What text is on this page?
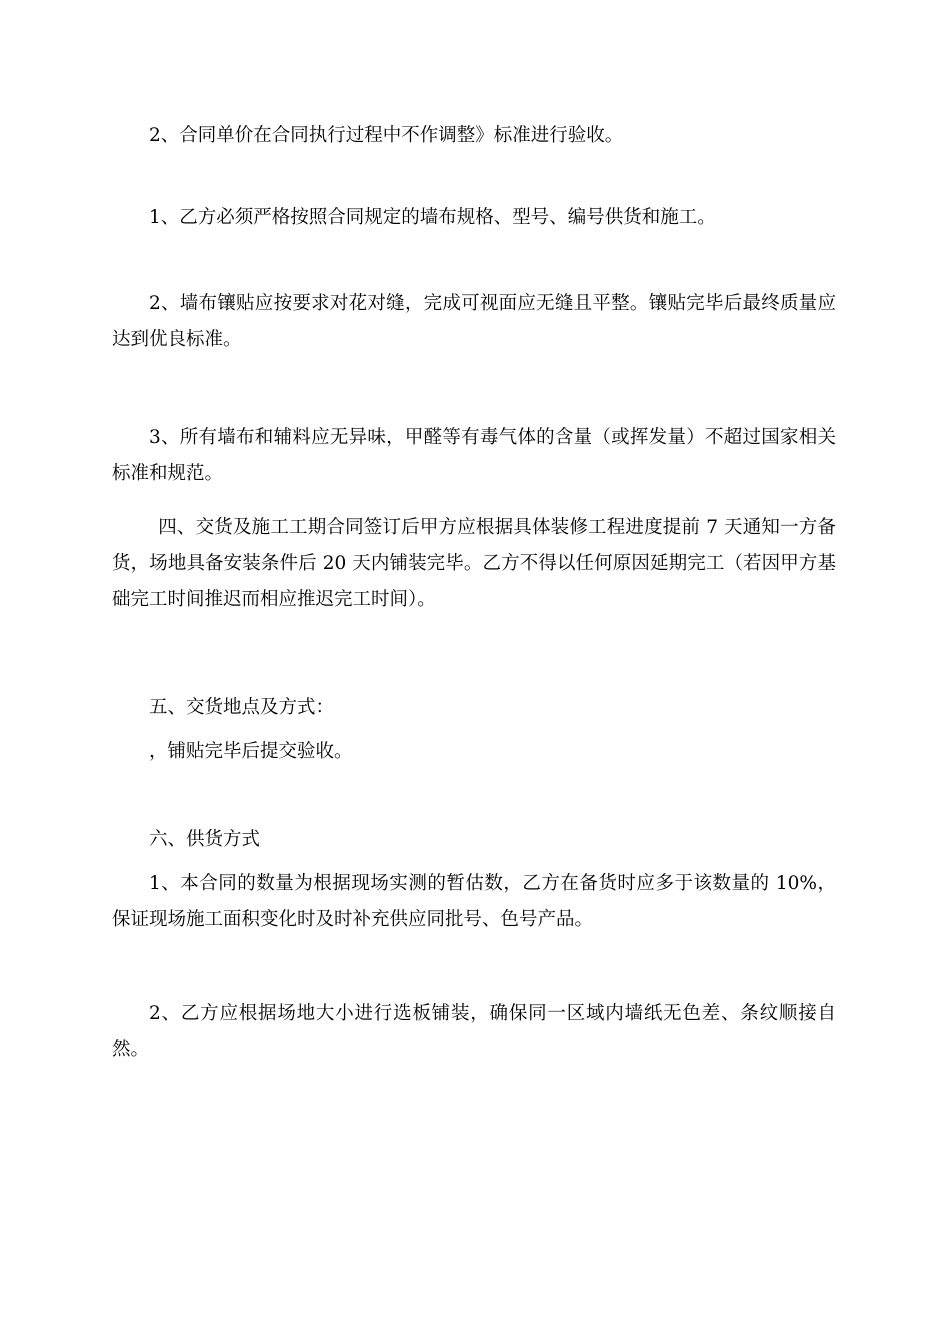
2、合同单价在合同执行过程中不作调整》标准进行验收。

1、乙方必须严格按照合同规定的墙布规格、型号、编号供货和施工。

2、墙布镶贴应按要求对花对缝，完成可视面应无缝且平整。镶贴完毕后最终质量应达到优良标准。

3、所有墙布和辅料应无异味，甲醛等有毒气体的含量（或挥发量）不超过国家相关标准和规范。

四、交货及施工工期合同签订后甲方应根据具体装修工程进度提前 7 天通知一方备货，场地具备安装条件后 20 天内铺装完毕。乙方不得以任何原因延期完工（若因甲方基础完工时间推迟而相应推迟完工时间）。

五、交货地点及方式：

，铺贴完毕后提交验收。

六、供货方式

1、本合同的数量为根据现场实测的暂估数，乙方在备货时应多于该数量的 10%，保证现场施工面积变化时及时补充供应同批号、色号产品。

2、乙方应根据场地大小进行选板铺装，确保同一区域内墙纸无色差、条纹顺接自然。
